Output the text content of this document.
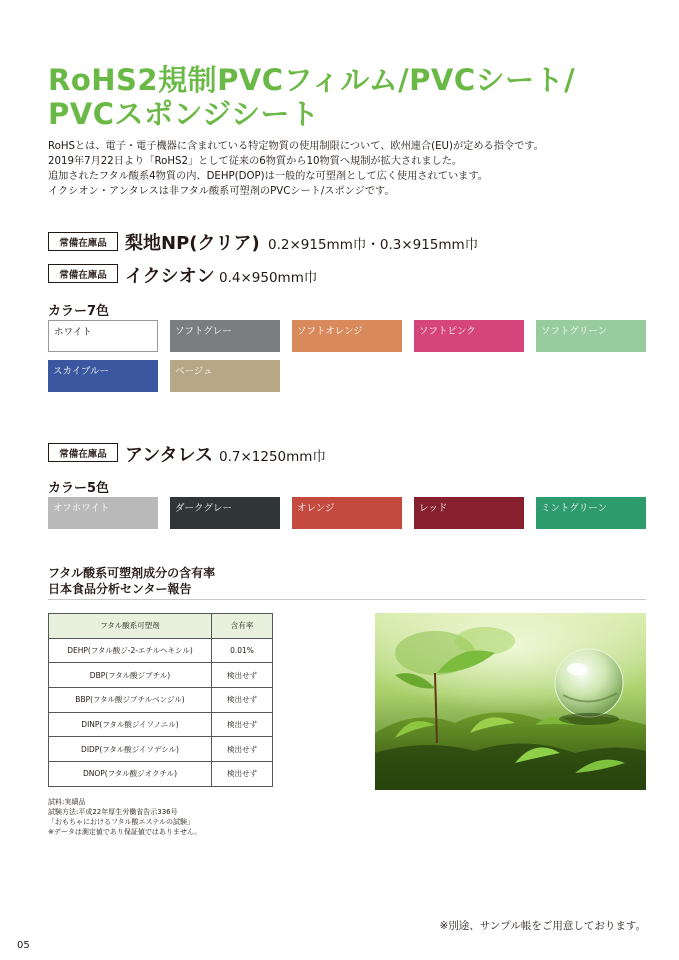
RoHS2規制PVCフィルム/PVCシート/
PVCスポンジシート

RoHSとは、電子・電子機器に含まれている特定物質の使用制限について、欧州連合(EU)が定める指令です。

2019年7月22日より「RoHS2」として従来の6物質から10物質へ規制が拡大されました。

追加されたフタル酸系4物質の内、DEHP(DOP)は一般的な可塑剤として広く使用されています。

イクシオン・アンタレスは非フタル酸系可塑剤のPVCシート/スポンジです。

常備在庫品	梨地NP(クリア) 0.2×915mm巾・0.3×915mm巾
常備在庫品	イクシオン 0.4×950mm巾
カラー7色
ホワイト	ソフトグレー	ソフトオレンジ	ソフトピンク	ソフトグリーン
スカイブルー	ベージュ
常備在庫品	アンタレス 0.7×1250mm巾
カラー5色
オフホワイト	ダークグレー	オレンジ	レッド	ミントグリーン
フタル酸系可塑剤成分の含有率
日本食品分析センター報告
フタル酸系可塑剤	含有率
DEHP(フタル酸ジ-2-エチルヘキシル)	0.01%
DBP(フタル酸ジブチル)	検出せず
BBP(フタル酸ジブチルベンジル)	検出せず
DINP(フタル酸ジイソノニル)	検出せず
DIDP(フタル酸ジイソデシル)	検出せず
DNOP(フタル酸ジオクチル)	検出せず
試料:実績品
試験方法:平成22年厚生労働省告示336号
「おもちゃにおけるフタル酸エステルの試験」
※データは測定値であり保証値ではありません。
※別途、サンプル帳をご用意しております。
05
